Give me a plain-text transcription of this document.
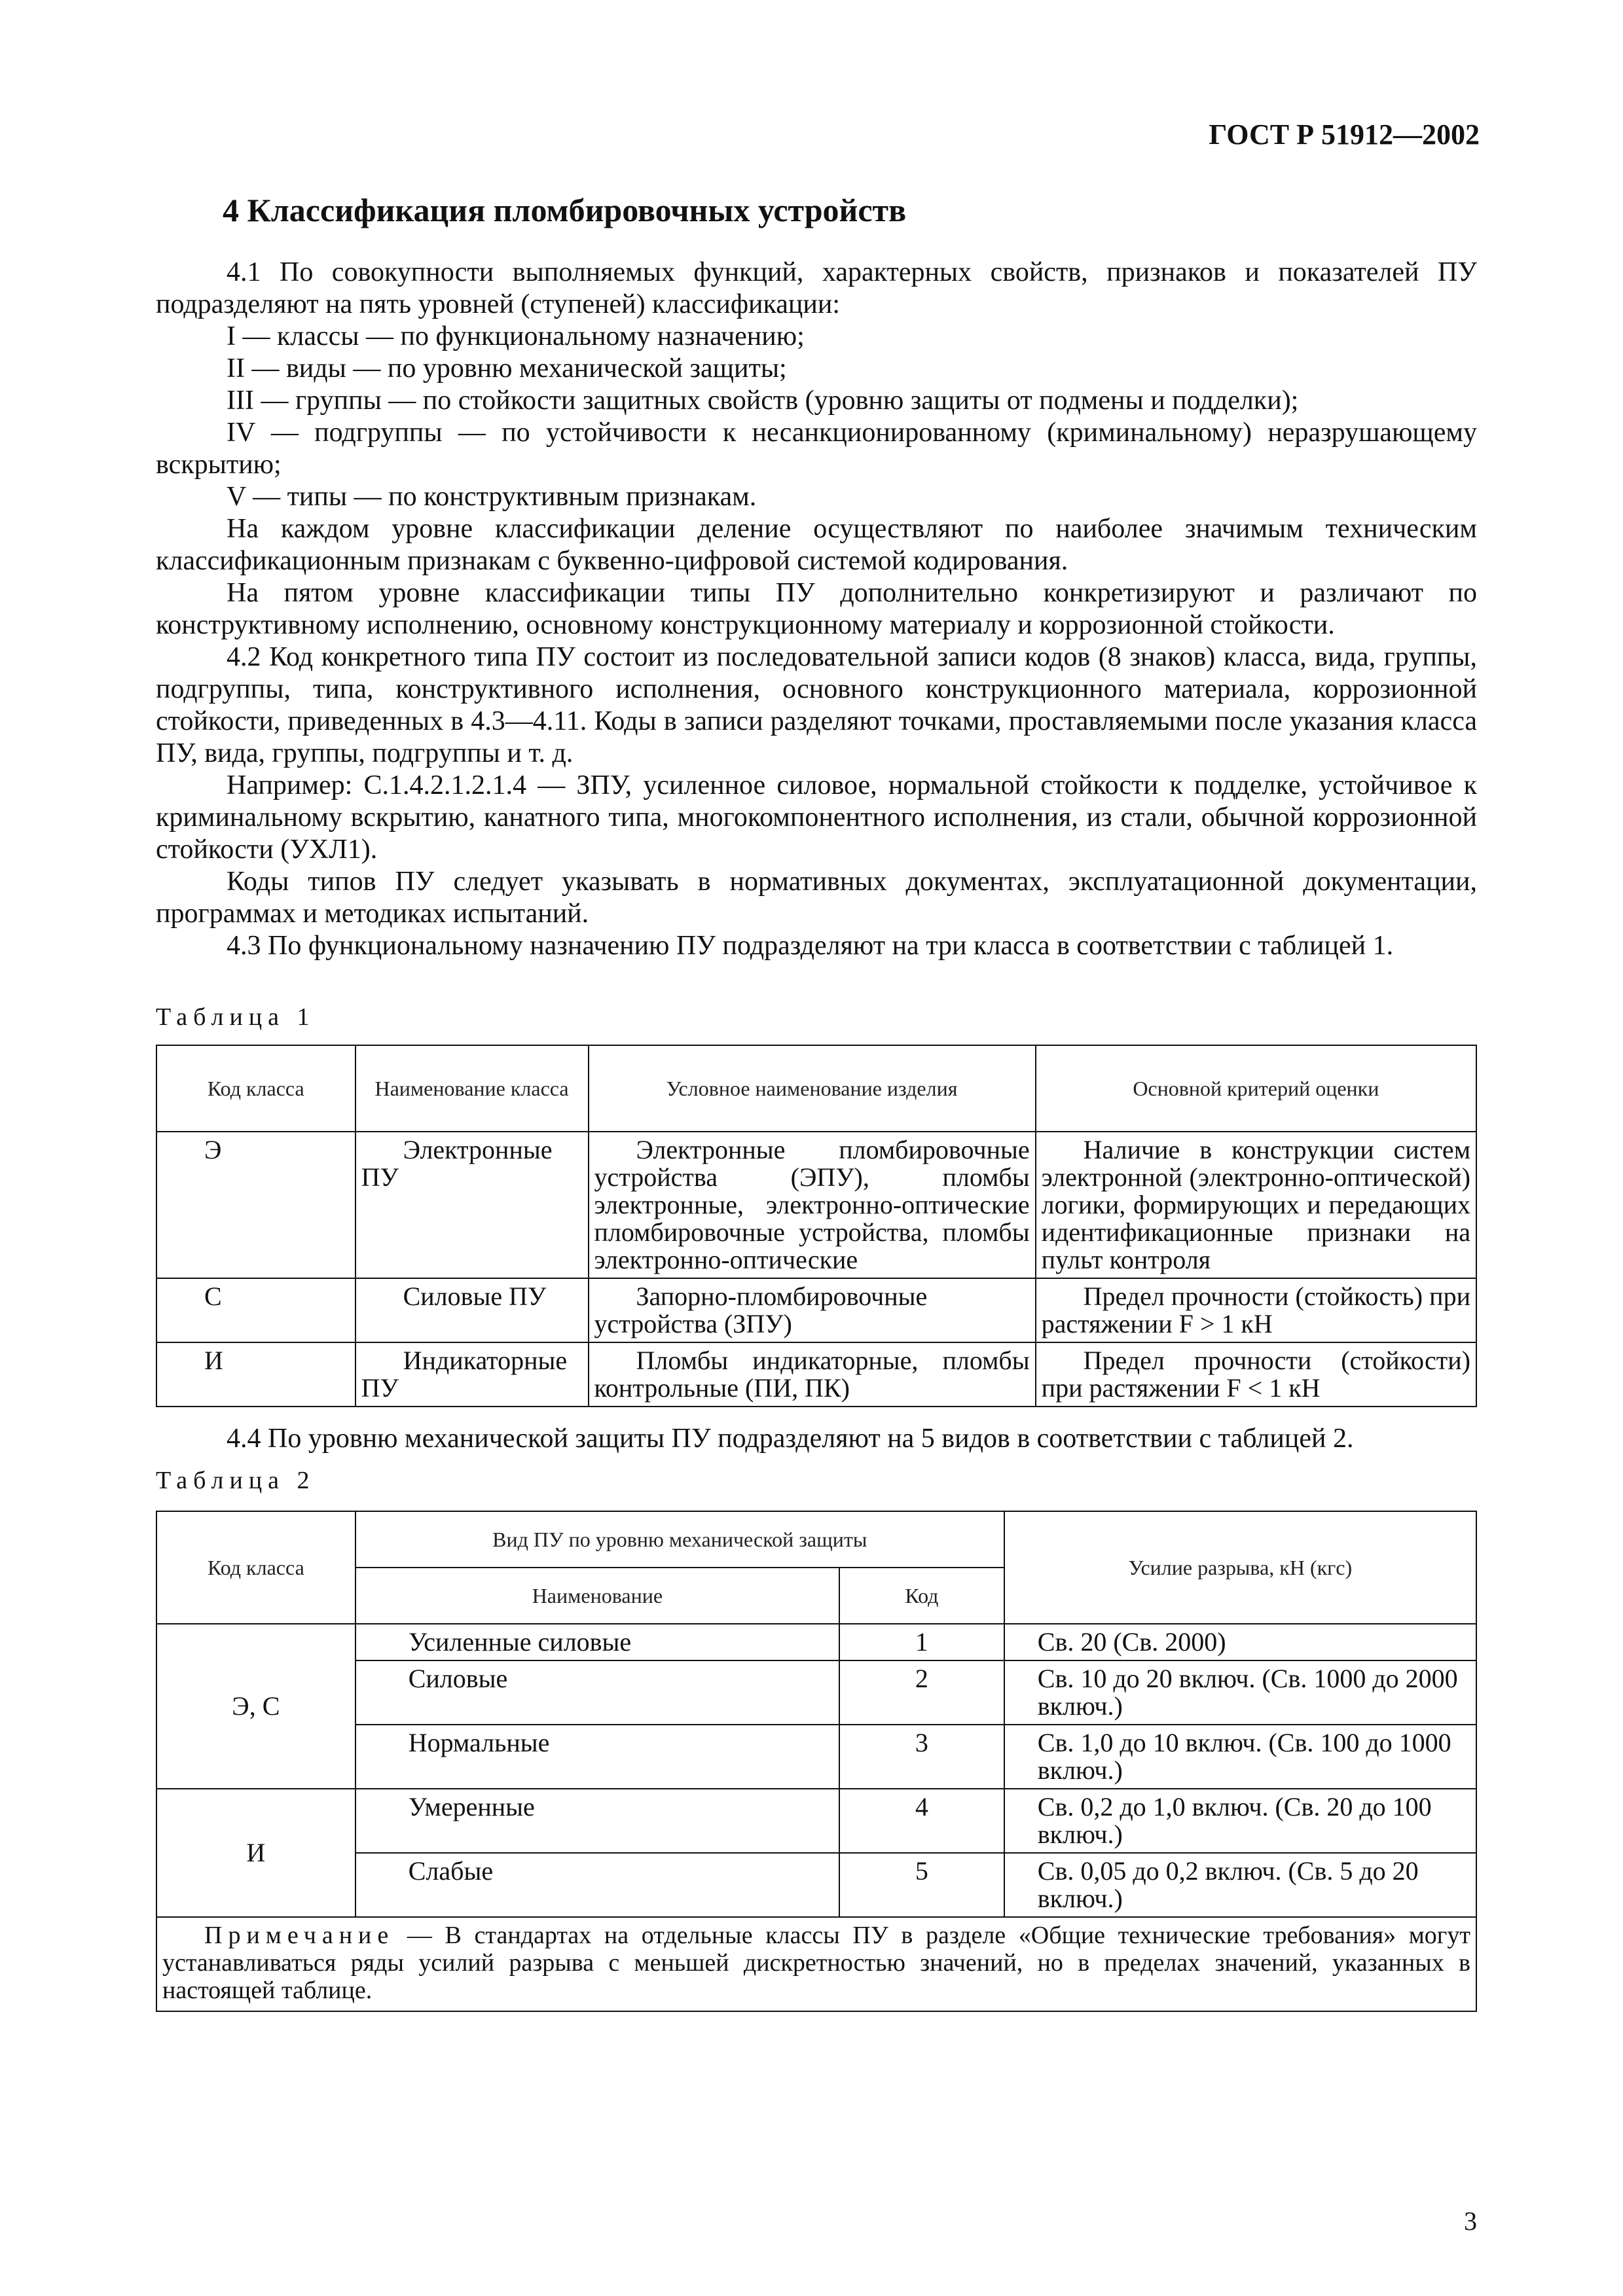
ГОСТ Р 51912—2002
4 Классификация пломбировочных устройств

4.1 По совокупности выполняемых функций, характерных свойств, признаков и показателей ПУ подразделяют на пять уровней (ступеней) классификации:

I — классы — по функциональному назначению;

II — виды — по уровню механической защиты;

III — группы — по стойкости защитных свойств (уровню защиты от подмены и подделки);

IV — подгруппы — по устойчивости к несанкционированному (криминальному) неразрушающему вскрытию;

V — типы — по конструктивным признакам.

На каждом уровне классификации деление осуществляют по наиболее значимым техническим классификационным признакам с буквенно-цифровой системой кодирования.

На пятом уровне классификации типы ПУ дополнительно конкретизируют и различают по конструктивному исполнению, основному конструкционному материалу и коррозионной стойкости.

4.2 Код конкретного типа ПУ состоит из последовательной записи кодов (8 знаков) класса, вида, группы, подгруппы, типа, конструктивного исполнения, основного конструкционного материала, коррозионной стойкости, приведенных в 4.3—4.11. Коды в записи разделяют точками, проставляемыми после указания класса ПУ, вида, группы, подгруппы и т. д.

Например: С.1.4.2.1.2.1.4 — ЗПУ, усиленное силовое, нормальной стойкости к подделке, устойчивое к криминальному вскрытию, канатного типа, многокомпонентного исполнения, из стали, обычной коррозионной стойкости (УХЛ1).

Коды типов ПУ следует указывать в нормативных документах, эксплуатационной документации, программах и методиках испытаний.

4.3 По функциональному назначению ПУ подразделяют на три класса в соответствии с таблицей 1.

Таблица 1
Код класса	Наименование класса	Условное наименование изделия	Основной критерий оценки
Э	Электронные ПУ	Электронные пломбировочные устройства (ЭПУ), пломбы электронные, электронно-оптические пломбировочные устройства, пломбы электронно-оптические	Наличие в конструкции систем электронной (электронно-оптической) логики, формирующих и передающих идентификационные признаки на пульт контроля
С	Силовые ПУ	Запорно-пломбировочные устройства (ЗПУ)	Предел прочности (стойкость) при растяжении F > 1 кН
И	Индикаторные ПУ	Пломбы индикаторные, пломбы контрольные (ПИ, ПК)	Предел прочности (стойкости) при растяжении F < 1 кН
4.4 По уровню механической защиты ПУ подразделяют на 5 видов в соответствии с таблицей 2.
Таблица 2
Код класса	Вид ПУ по уровню механической защиты		Усилие разрыва, кН (кгс)
	Наименование	Код	
Э, С	Усиленные силовые	1	Св. 20 (Св. 2000)
	Силовые	2	Св. 10 до 20 включ. (Св. 1000 до 2000 включ.)
	Нормальные	3	Св. 1,0 до 10 включ. (Св. 100 до 1000 включ.)
И	Умеренные	4	Св. 0,2 до 1,0 включ. (Св. 20 до 100 включ.)
	Слабые	5	Св. 0,05 до 0,2 включ. (Св. 5 до 20 включ.)
Примечание — В стандартах на отдельные классы ПУ в разделе «Общие технические требования» могут устанавливаться ряды усилий разрыва с меньшей дискретностью значений, но в пределах значений, указанных в настоящей таблице.			
3
